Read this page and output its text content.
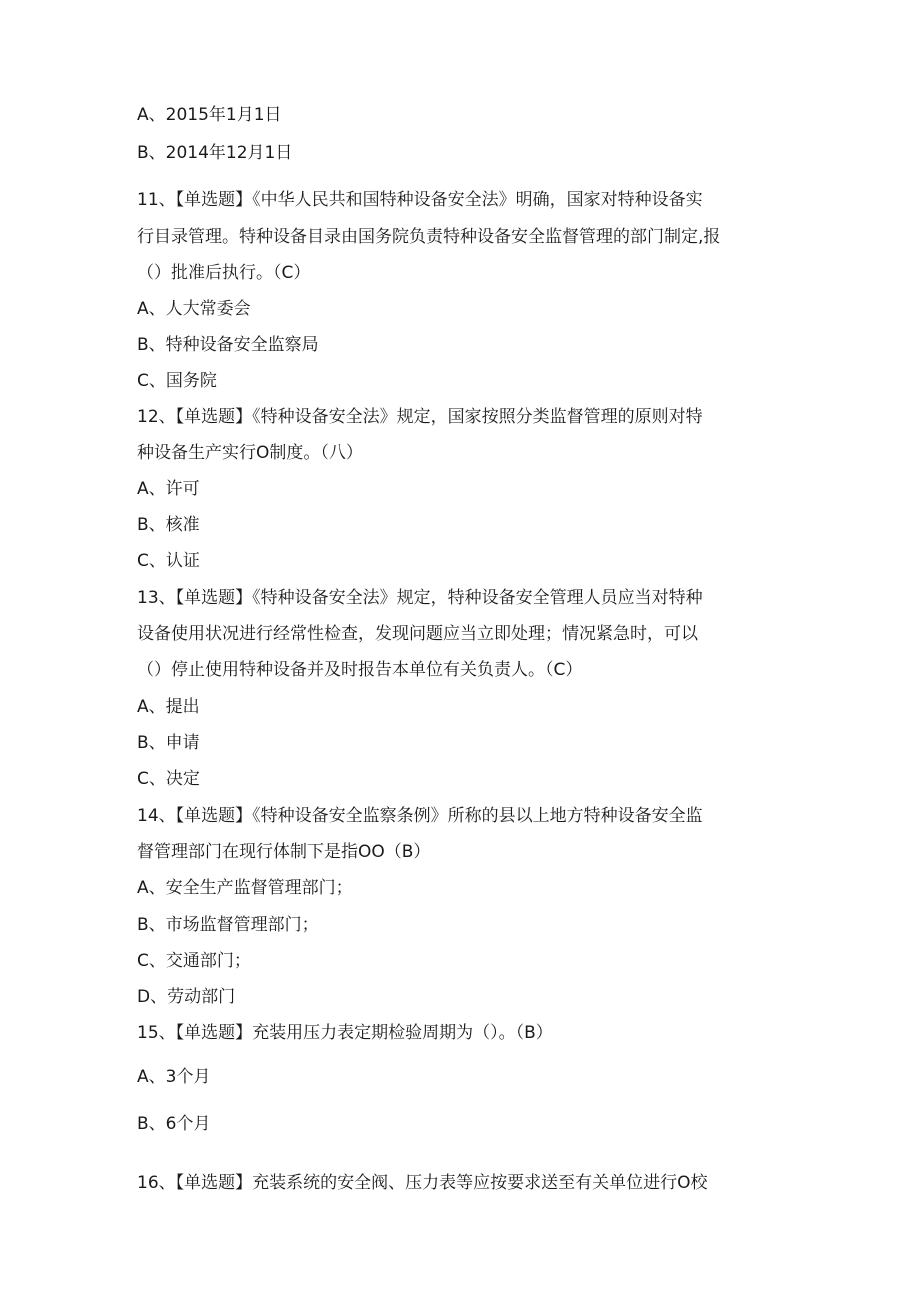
A、2015年1月1日
B、2014年12月1日
11、【单选题】《中华人民共和国特种设备安全法》明确，国家对特种设备实
行目录管理。特种设备目录由国务院负责特种设备安全监督管理的部门制定,报
（）批准后执行。（C）
A、人大常委会
B、特种设备安全监察局
C、国务院
12、【单选题】《特种设备安全法》规定，国家按照分类监督管理的原则对特
种设备生产实行O制度。（八）
A、许可
B、核准
C、认证
13、【单选题】《特种设备安全法》规定，特种设备安全管理人员应当对特种
设备使用状况进行经常性检查，发现问题应当立即处理；情况紧急时，可以
（）停止使用特种设备并及时报告本单位有关负责人。（C）
A、提出
B、申请
C、决定
14、【单选题】《特种设备安全监察条例》所称的县以上地方特种设备安全监
督管理部门在现行体制下是指OO（B）
A、安全生产监督管理部门；
B、市场监督管理部门；
C、交通部门；
D、劳动部门
15、【单选题】充装用压力表定期检验周期为（）。（B）
A、3个月
B、6个月
16、【单选题】充装系统的安全阀、压力表等应按要求送至有关单位进行O校
